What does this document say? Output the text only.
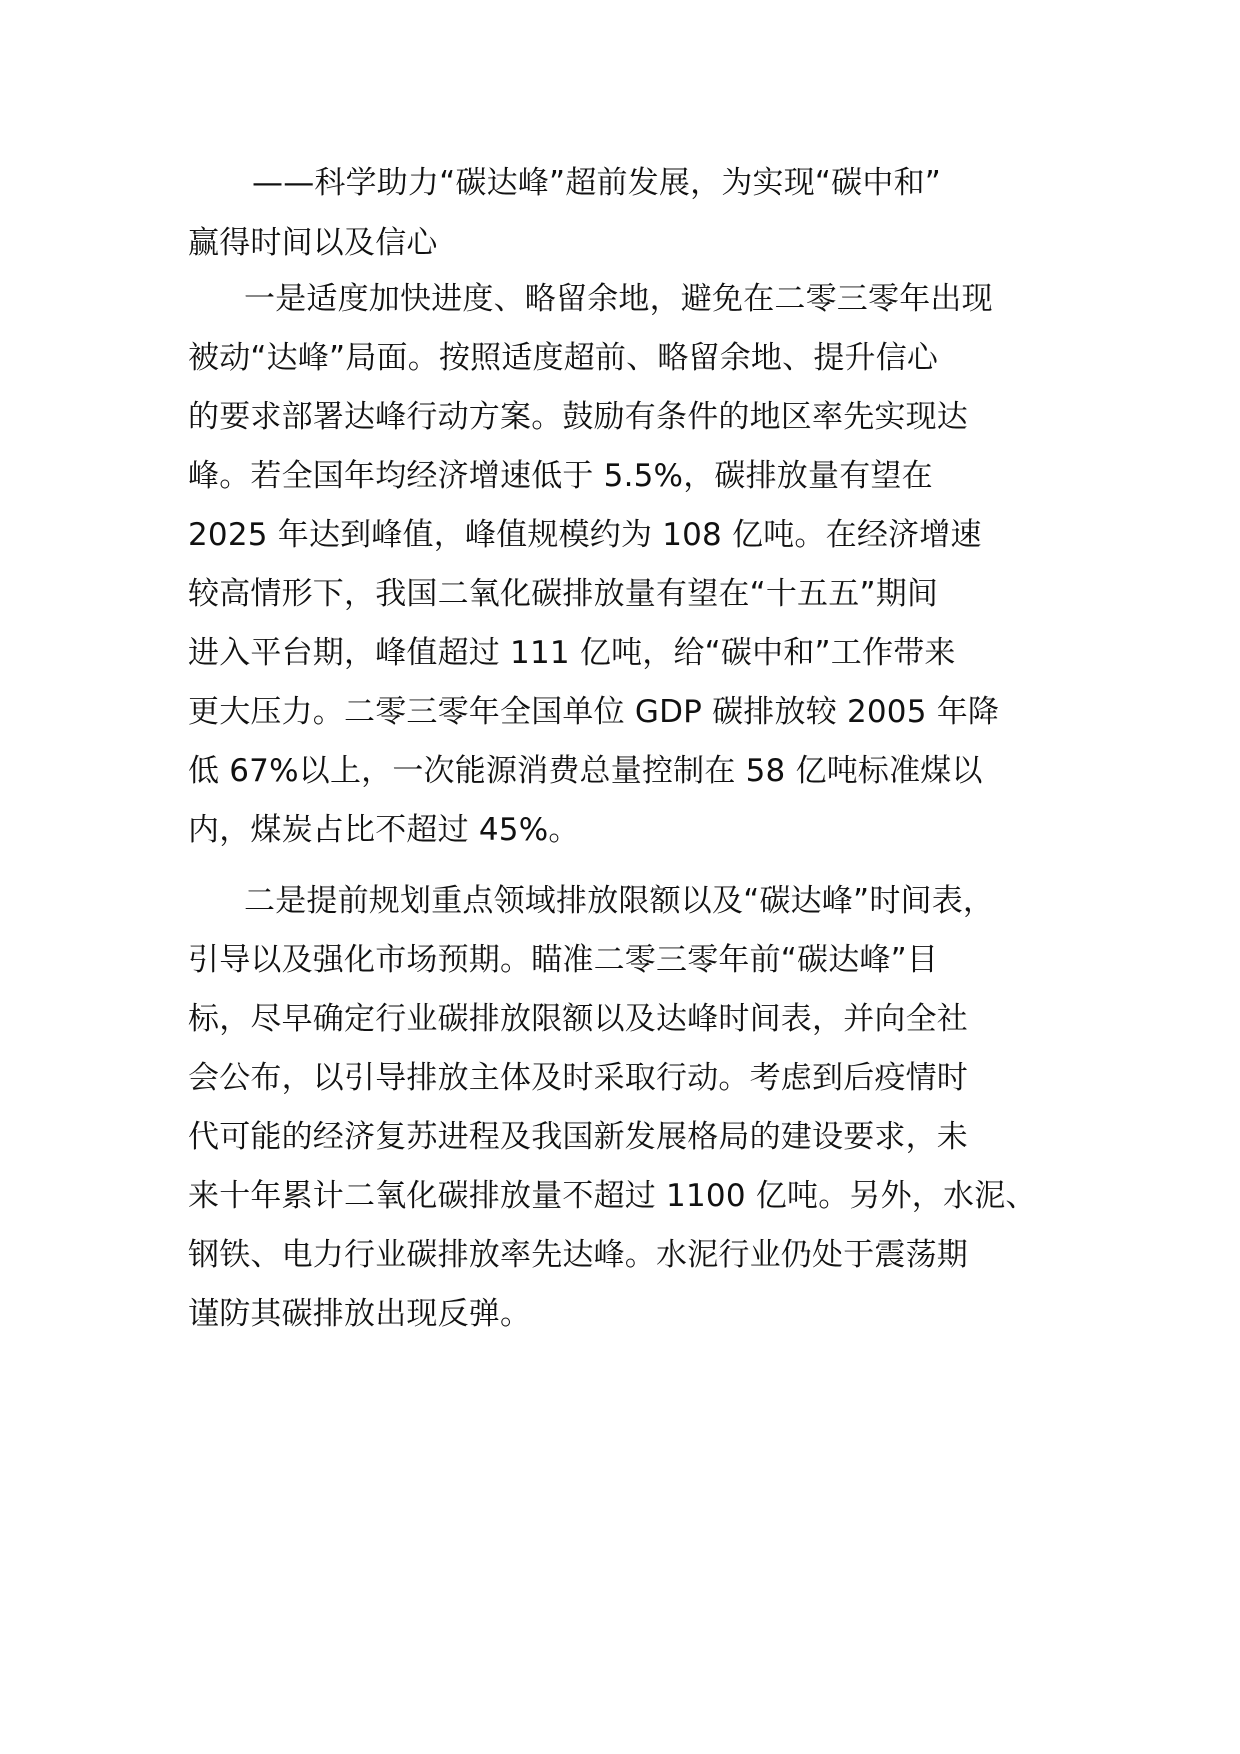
——科学助力“碳达峰”超前发展，为实现“碳中和”
赢得时间以及信心
一是适度加快进度、略留余地，避免在二零三零年出现
被动“达峰”局面。按照适度超前、略留余地、提升信心
的要求部署达峰行动方案。鼓励有条件的地区率先实现达
峰。若全国年均经济增速低于 5.5%，碳排放量有望在
2025 年达到峰值，峰值规模约为 108 亿吨。在经济增速
较高情形下，我国二氧化碳排放量有望在“十五五”期间
进入平台期，峰值超过 111 亿吨，给“碳中和”工作带来
更大压力。二零三零年全国单位 GDP 碳排放较 2005 年降
低 67%以上，一次能源消费总量控制在 58 亿吨标准煤以
内，煤炭占比不超过 45%。
二是提前规划重点领域排放限额以及“碳达峰”时间表，
引导以及强化市场预期。瞄准二零三零年前“碳达峰”目
标，尽早确定行业碳排放限额以及达峰时间表，并向全社
会公布，以引导排放主体及时采取行动。考虑到后疫情时
代可能的经济复苏进程及我国新发展格局的建设要求，未
来十年累计二氧化碳排放量不超过 1100 亿吨。另外，水泥、
钢铁、电力行业碳排放率先达峰。水泥行业仍处于震荡期
谨防其碳排放出现反弹。
